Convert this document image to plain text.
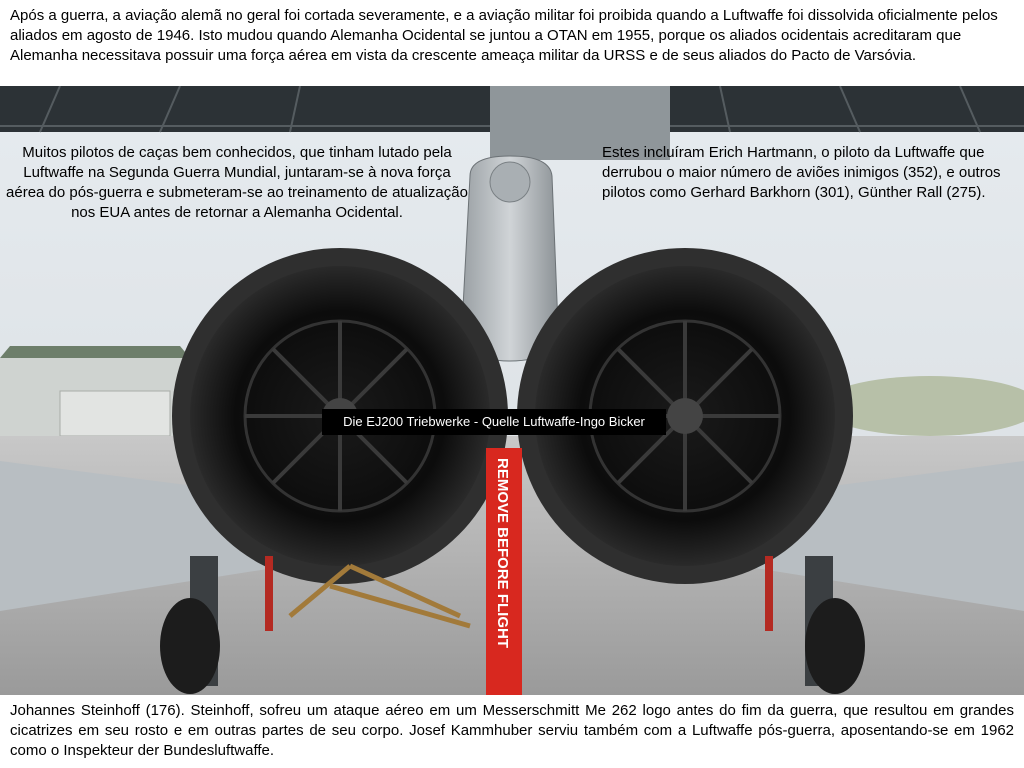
Após a guerra, a aviação alemã no geral foi cortada severamente, e a aviação militar foi proibida quando a Luftwaffe foi dissolvida oficialmente pelos aliados em agosto de 1946. Isto mudou quando Alemanha Ocidental se juntou a OTAN em 1955, porque os aliados ocidentais acreditaram que Alemanha necessitava possuir uma força aérea em vista da crescente ameaça militar da URSS e de seus aliados do Pacto de Varsóvia.

REMOVE BEFORE FLIGHT
Die EJ200 Triebwerke - Quelle Luftwaffe-Ingo Bicker

Muitos pilotos de caças bem conhecidos, que tinham lutado pela Luftwaffe na Segunda Guerra Mundial, juntaram-se à nova força aérea do pós-guerra e submeteram-se ao treinamento de atualização nos EUA antes de retornar a Alemanha Ocidental.

Estes incluíram Erich Hartmann, o piloto da Luftwaffe que derrubou o maior número de aviões inimigos (352), e outros pilotos como Gerhard Barkhorn (301), Günther Rall (275).

Johannes Steinhoff (176). Steinhoff, sofreu um ataque aéreo em um Messerschmitt Me 262 logo antes do fim da guerra, que resultou em grandes cicatrizes em seu rosto e em outras partes de seu corpo. Josef Kammhuber serviu também com a Luftwaffe pós-guerra, aposentando-se em 1962 como o Inspekteur der Bundesluftwaffe.
